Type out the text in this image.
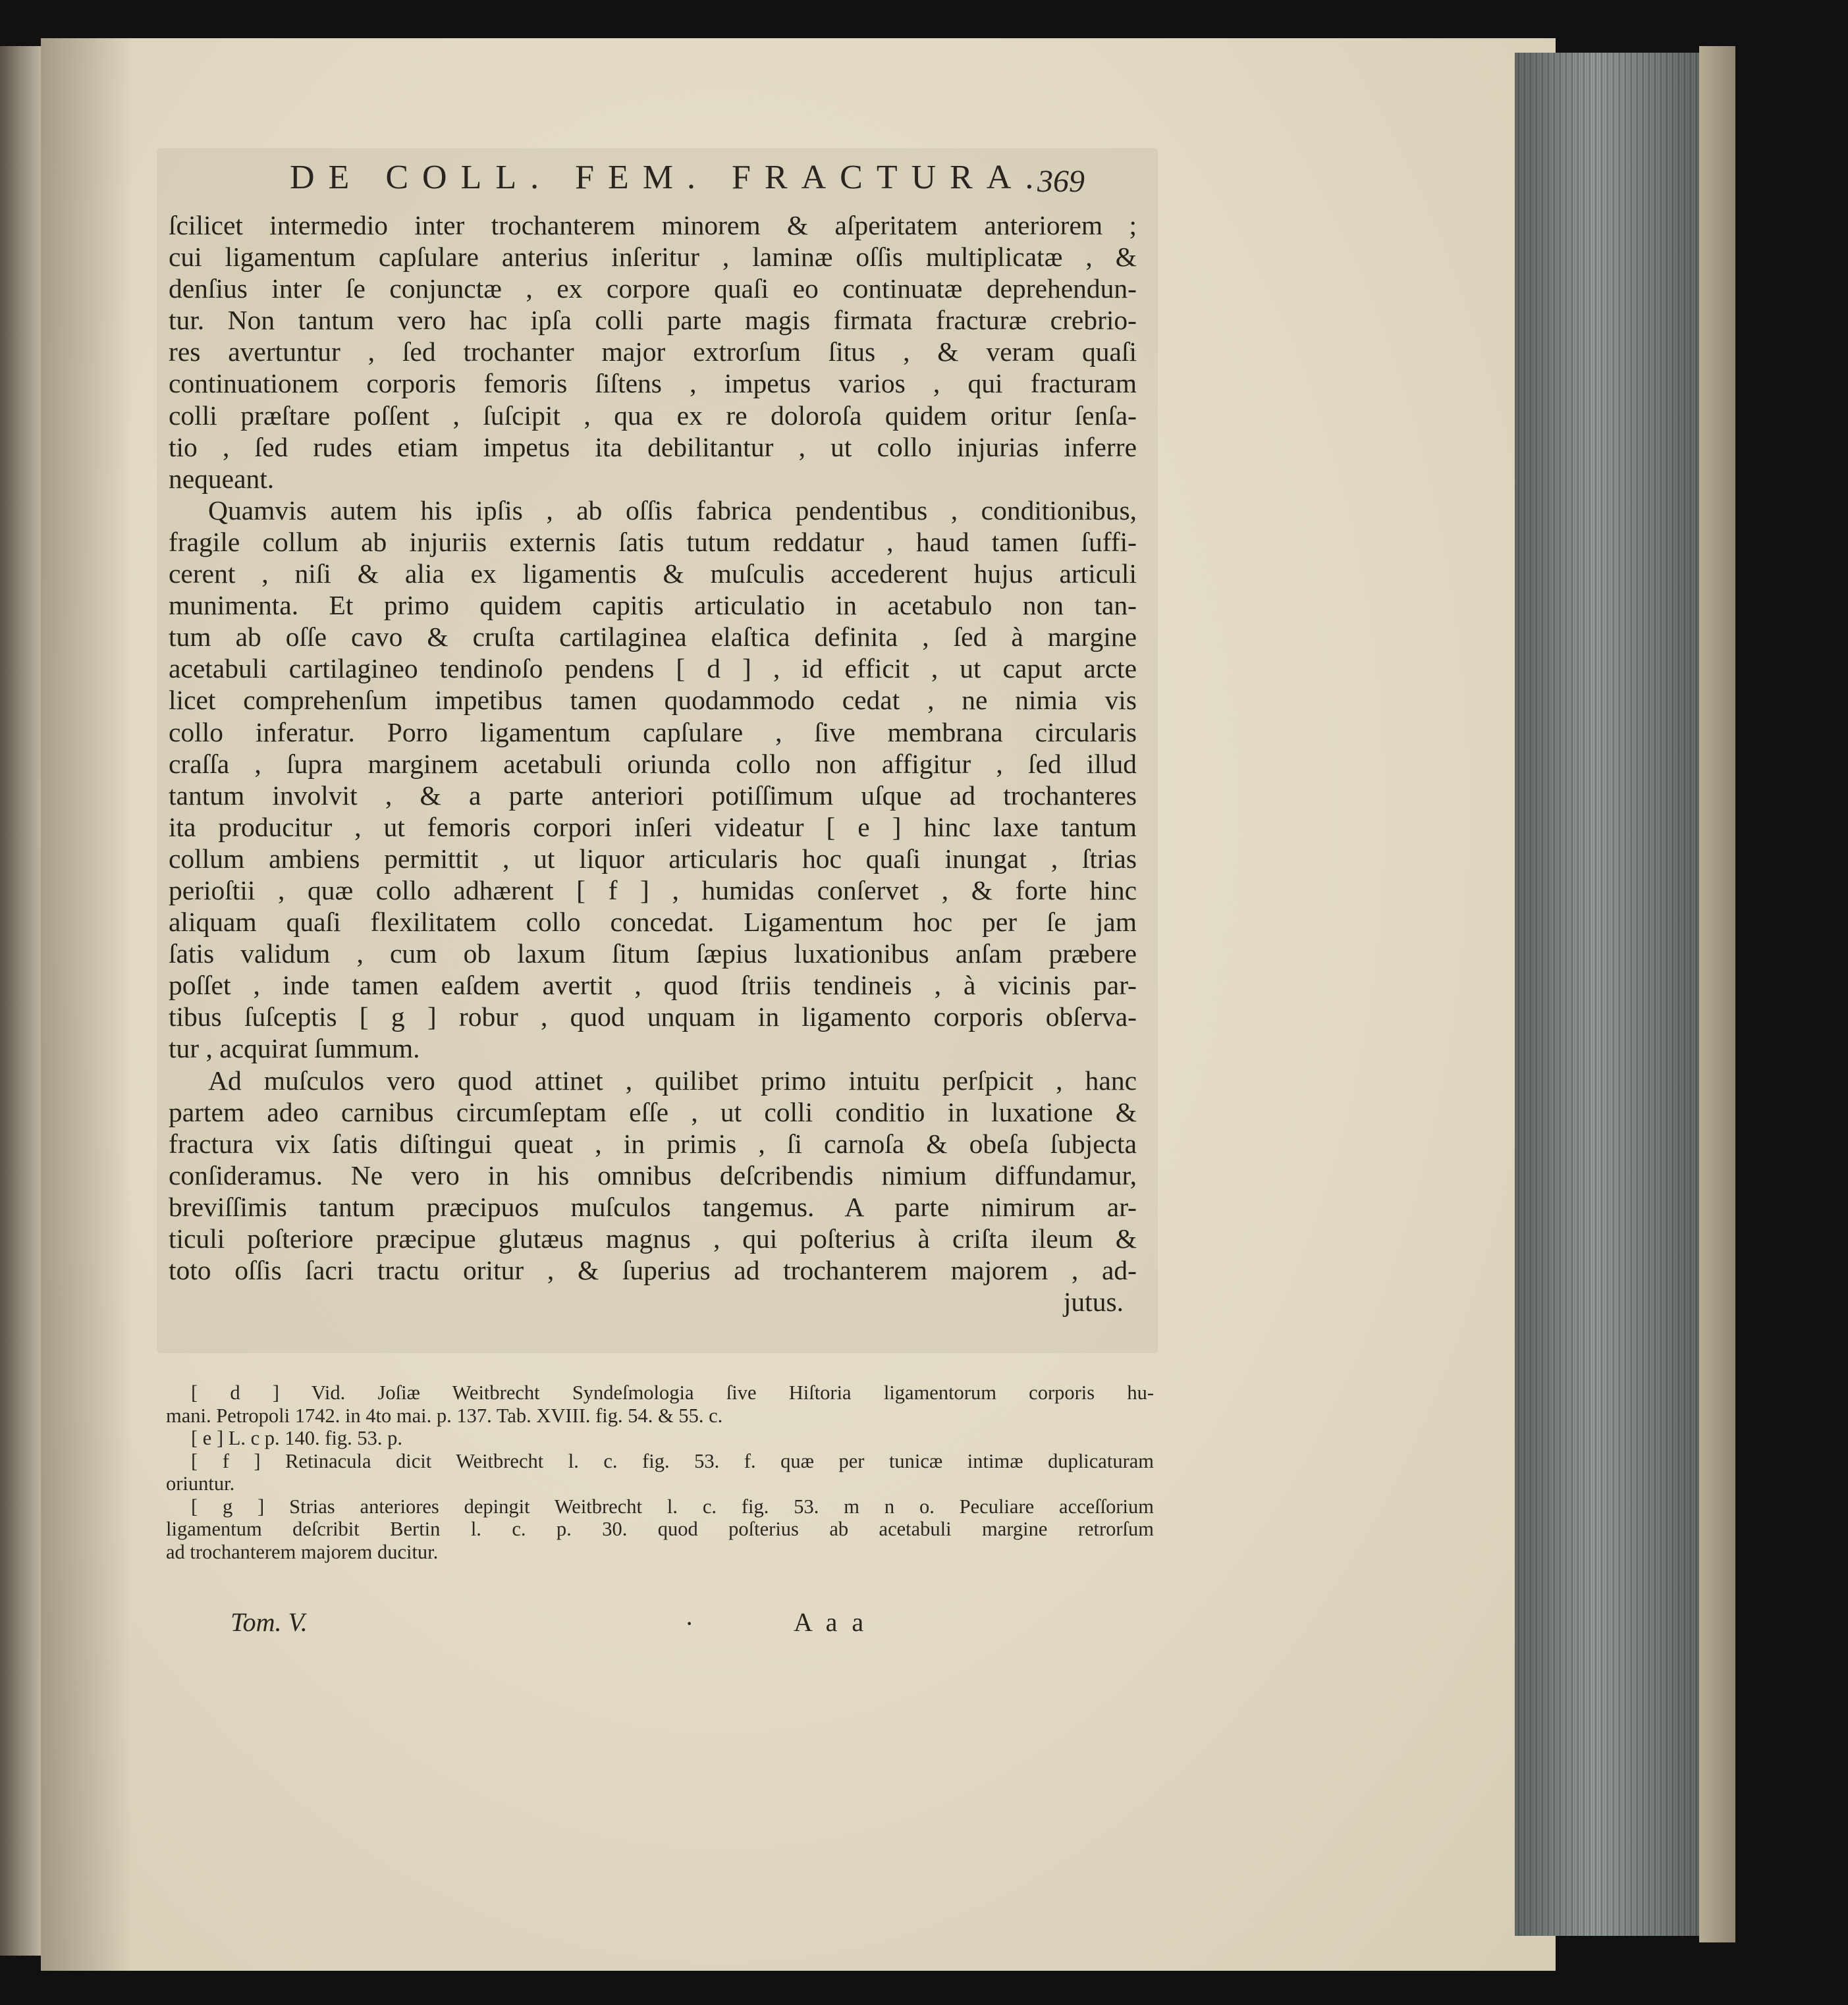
DE COLL. FEM. FRACTURA.
369
ſcilicet intermedio inter trochanterem minorem & aſperitatem anteriorem ;
cui ligamentum capſulare anterius inſeritur , laminæ oſſis multiplicatæ , &
denſius inter ſe conjunctæ , ex corpore quaſi eo continuatæ deprehendun-
tur. Non tantum vero hac ipſa colli parte magis firmata fracturæ crebrio-
res avertuntur , ſed trochanter major extrorſum ſitus , & veram quaſi
continuationem corporis femoris ſiſtens , impetus varios , qui fracturam
colli præſtare poſſent , ſuſcipit , qua ex re doloroſa quidem oritur ſenſa-
tio , ſed rudes etiam impetus ita debilitantur , ut collo injurias inferre
nequeant.
Quamvis autem his ipſis , ab oſſis fabrica pendentibus , conditionibus,
fragile collum ab injuriis externis ſatis tutum reddatur , haud tamen ſuffi-
cerent , niſi & alia ex ligamentis & muſculis accederent hujus articuli
munimenta. Et primo quidem capitis articulatio in acetabulo non tan-
tum ab oſſe cavo & cruſta cartilaginea elaſtica definita , ſed à margine
acetabuli cartilagineo tendinoſo pendens [ d ] , id efficit , ut caput arcte
licet comprehenſum impetibus tamen quodammodo cedat , ne nimia vis
collo inferatur. Porro ligamentum capſulare , ſive membrana circularis
craſſa , ſupra marginem acetabuli oriunda collo non affigitur , ſed illud
tantum involvit , & a parte anteriori potiſſimum uſque ad trochanteres
ita producitur , ut femoris corpori inſeri videatur [ e ] hinc laxe tantum
collum ambiens permittit , ut liquor articularis hoc quaſi inungat , ſtrias
perioſtii , quæ collo adhærent [ f ] , humidas conſervet , & forte hinc
aliquam quaſi flexilitatem collo concedat. Ligamentum hoc per ſe jam
ſatis validum , cum ob laxum ſitum ſæpius luxationibus anſam præbere
poſſet , inde tamen eaſdem avertit , quod ſtriis tendineis , à vicinis par-
tibus ſuſceptis [ g ] robur , quod unquam in ligamento corporis obſerva-
tur , acquirat ſummum.
Ad muſculos vero quod attinet , quilibet primo intuitu perſpicit , hanc
partem adeo carnibus circumſeptam eſſe , ut colli conditio in luxatione &
fractura vix ſatis diſtingui queat , in primis , ſi carnoſa & obeſa ſubjecta
conſideramus. Ne vero in his omnibus deſcribendis nimium diffundamur,
breviſſimis tantum præcipuos muſculos tangemus. A parte nimirum ar-
ticuli poſteriore præcipue glutæus magnus , qui poſterius à criſta ileum &
toto oſſis ſacri tractu oritur , & ſuperius ad trochanterem majorem , ad-
jutus.
[ d ] Vid. Joſiæ Weitbrecht Syndeſmologia ſive Hiſtoria ligamentorum corporis hu-
mani. Petropoli 1742. in 4to mai. p. 137. Tab. XVIII. fig. 54. & 55. c.
[ e ] L. c p. 140. fig. 53. p.
[ f ] Retinacula dicit Weitbrecht l. c. fig. 53. f. quæ per tunicæ intimæ duplicaturam
oriuntur.
[ g ] Strias anteriores depingit Weitbrecht l. c. fig. 53. m n o. Peculiare acceſſorium
ligamentum deſcribit Bertin l. c. p. 30. quod poſterius ab acetabuli margine retrorſum
ad trochanterem majorem ducitur.
Tom. V.	·	A a a
